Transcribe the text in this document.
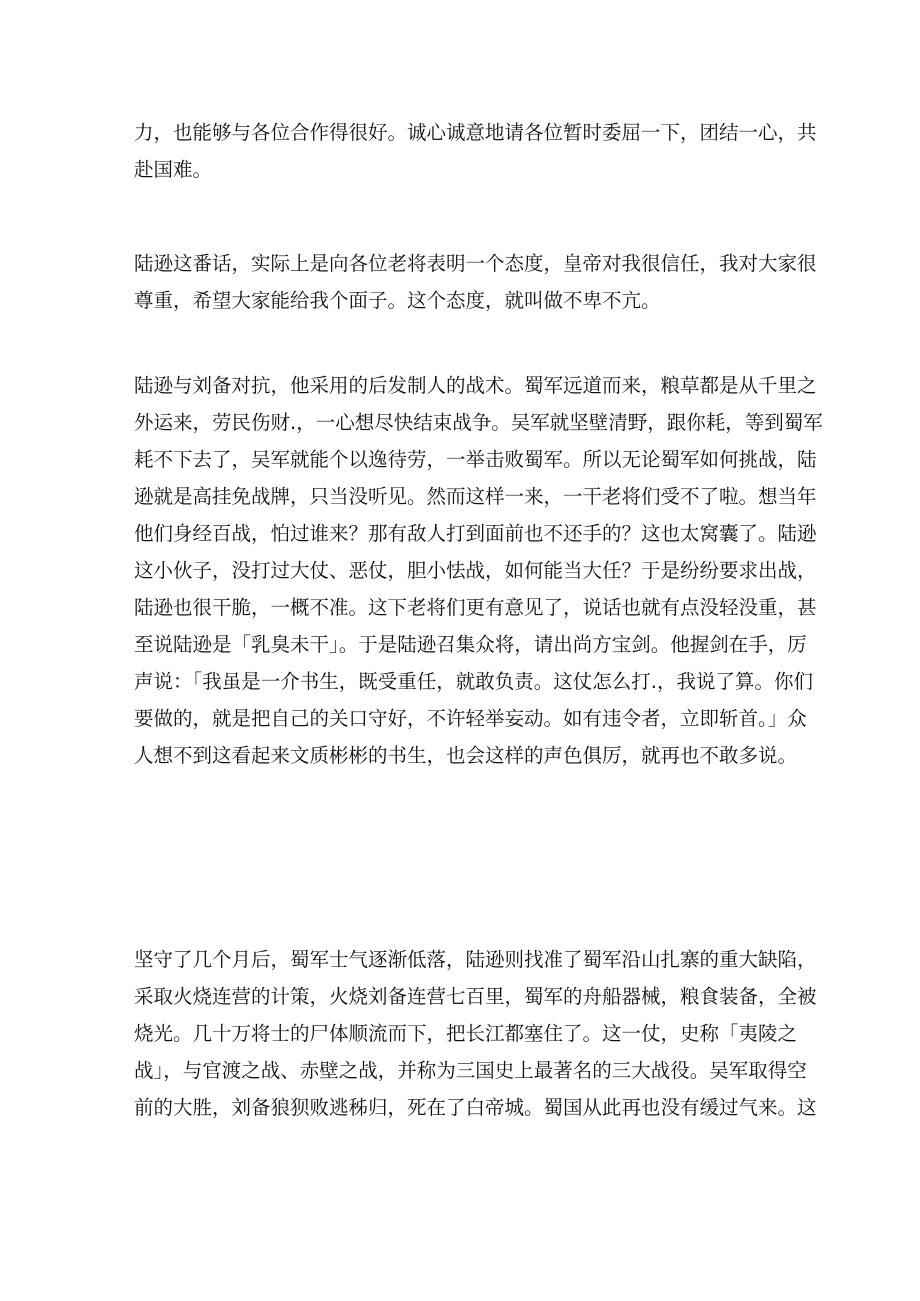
力，也能够与各位合作得很好。诚心诚意地请各位暂时委屈一下，团结一心，共
赴国难。
陆逊这番话，实际上是向各位老将表明一个态度，皇帝对我很信任，我对大家很
尊重，希望大家能给我个面子。这个态度，就叫做不卑不亢。
陆逊与刘备对抗，他采用的后发制人的战术。蜀军远道而来，粮草都是从千里之
外运来，劳民伤财.，一心想尽快结束战争。吴军就坚壁清野，跟你耗，等到蜀军
耗不下去了，吴军就能个以逸待劳，一举击败蜀军。所以无论蜀军如何挑战，陆
逊就是高挂免战牌，只当没听见。然而这样一来，一干老将们受不了啦。想当年
他们身经百战，怕过谁来？那有敌人打到面前也不还手的？这也太窝囊了。陆逊
这小伙子，没打过大仗、恶仗，胆小怯战，如何能当大任？于是纷纷要求出战，
陆逊也很干脆，一概不准。这下老将们更有意见了，说话也就有点没轻没重，甚
至说陆逊是「乳臭未干」。于是陆逊召集众将，请出尚方宝剑。他握剑在手，厉
声说：「我虽是一介书生，既受重任，就敢负责。这仗怎么打.，我说了算。你们
要做的，就是把自己的关口守好，不许轻举妄动。如有违令者，立即斩首。」众
人想不到这看起来文质彬彬的书生，也会这样的声色俱厉，就再也不敢多说。
坚守了几个月后，蜀军士气逐渐低落，陆逊则找准了蜀军沿山扎寨的重大缺陷，
采取火烧连营的计策，火烧刘备连营七百里，蜀军的舟船器械，粮食装备，全被
烧光。几十万将士的尸体顺流而下，把长江都塞住了。这一仗，史称「夷陵之
战」，与官渡之战、赤壁之战，并称为三国史上最著名的三大战役。吴军取得空
前的大胜，刘备狼狈败逃秭归，死在了白帝城。蜀国从此再也没有缓过气来。这
